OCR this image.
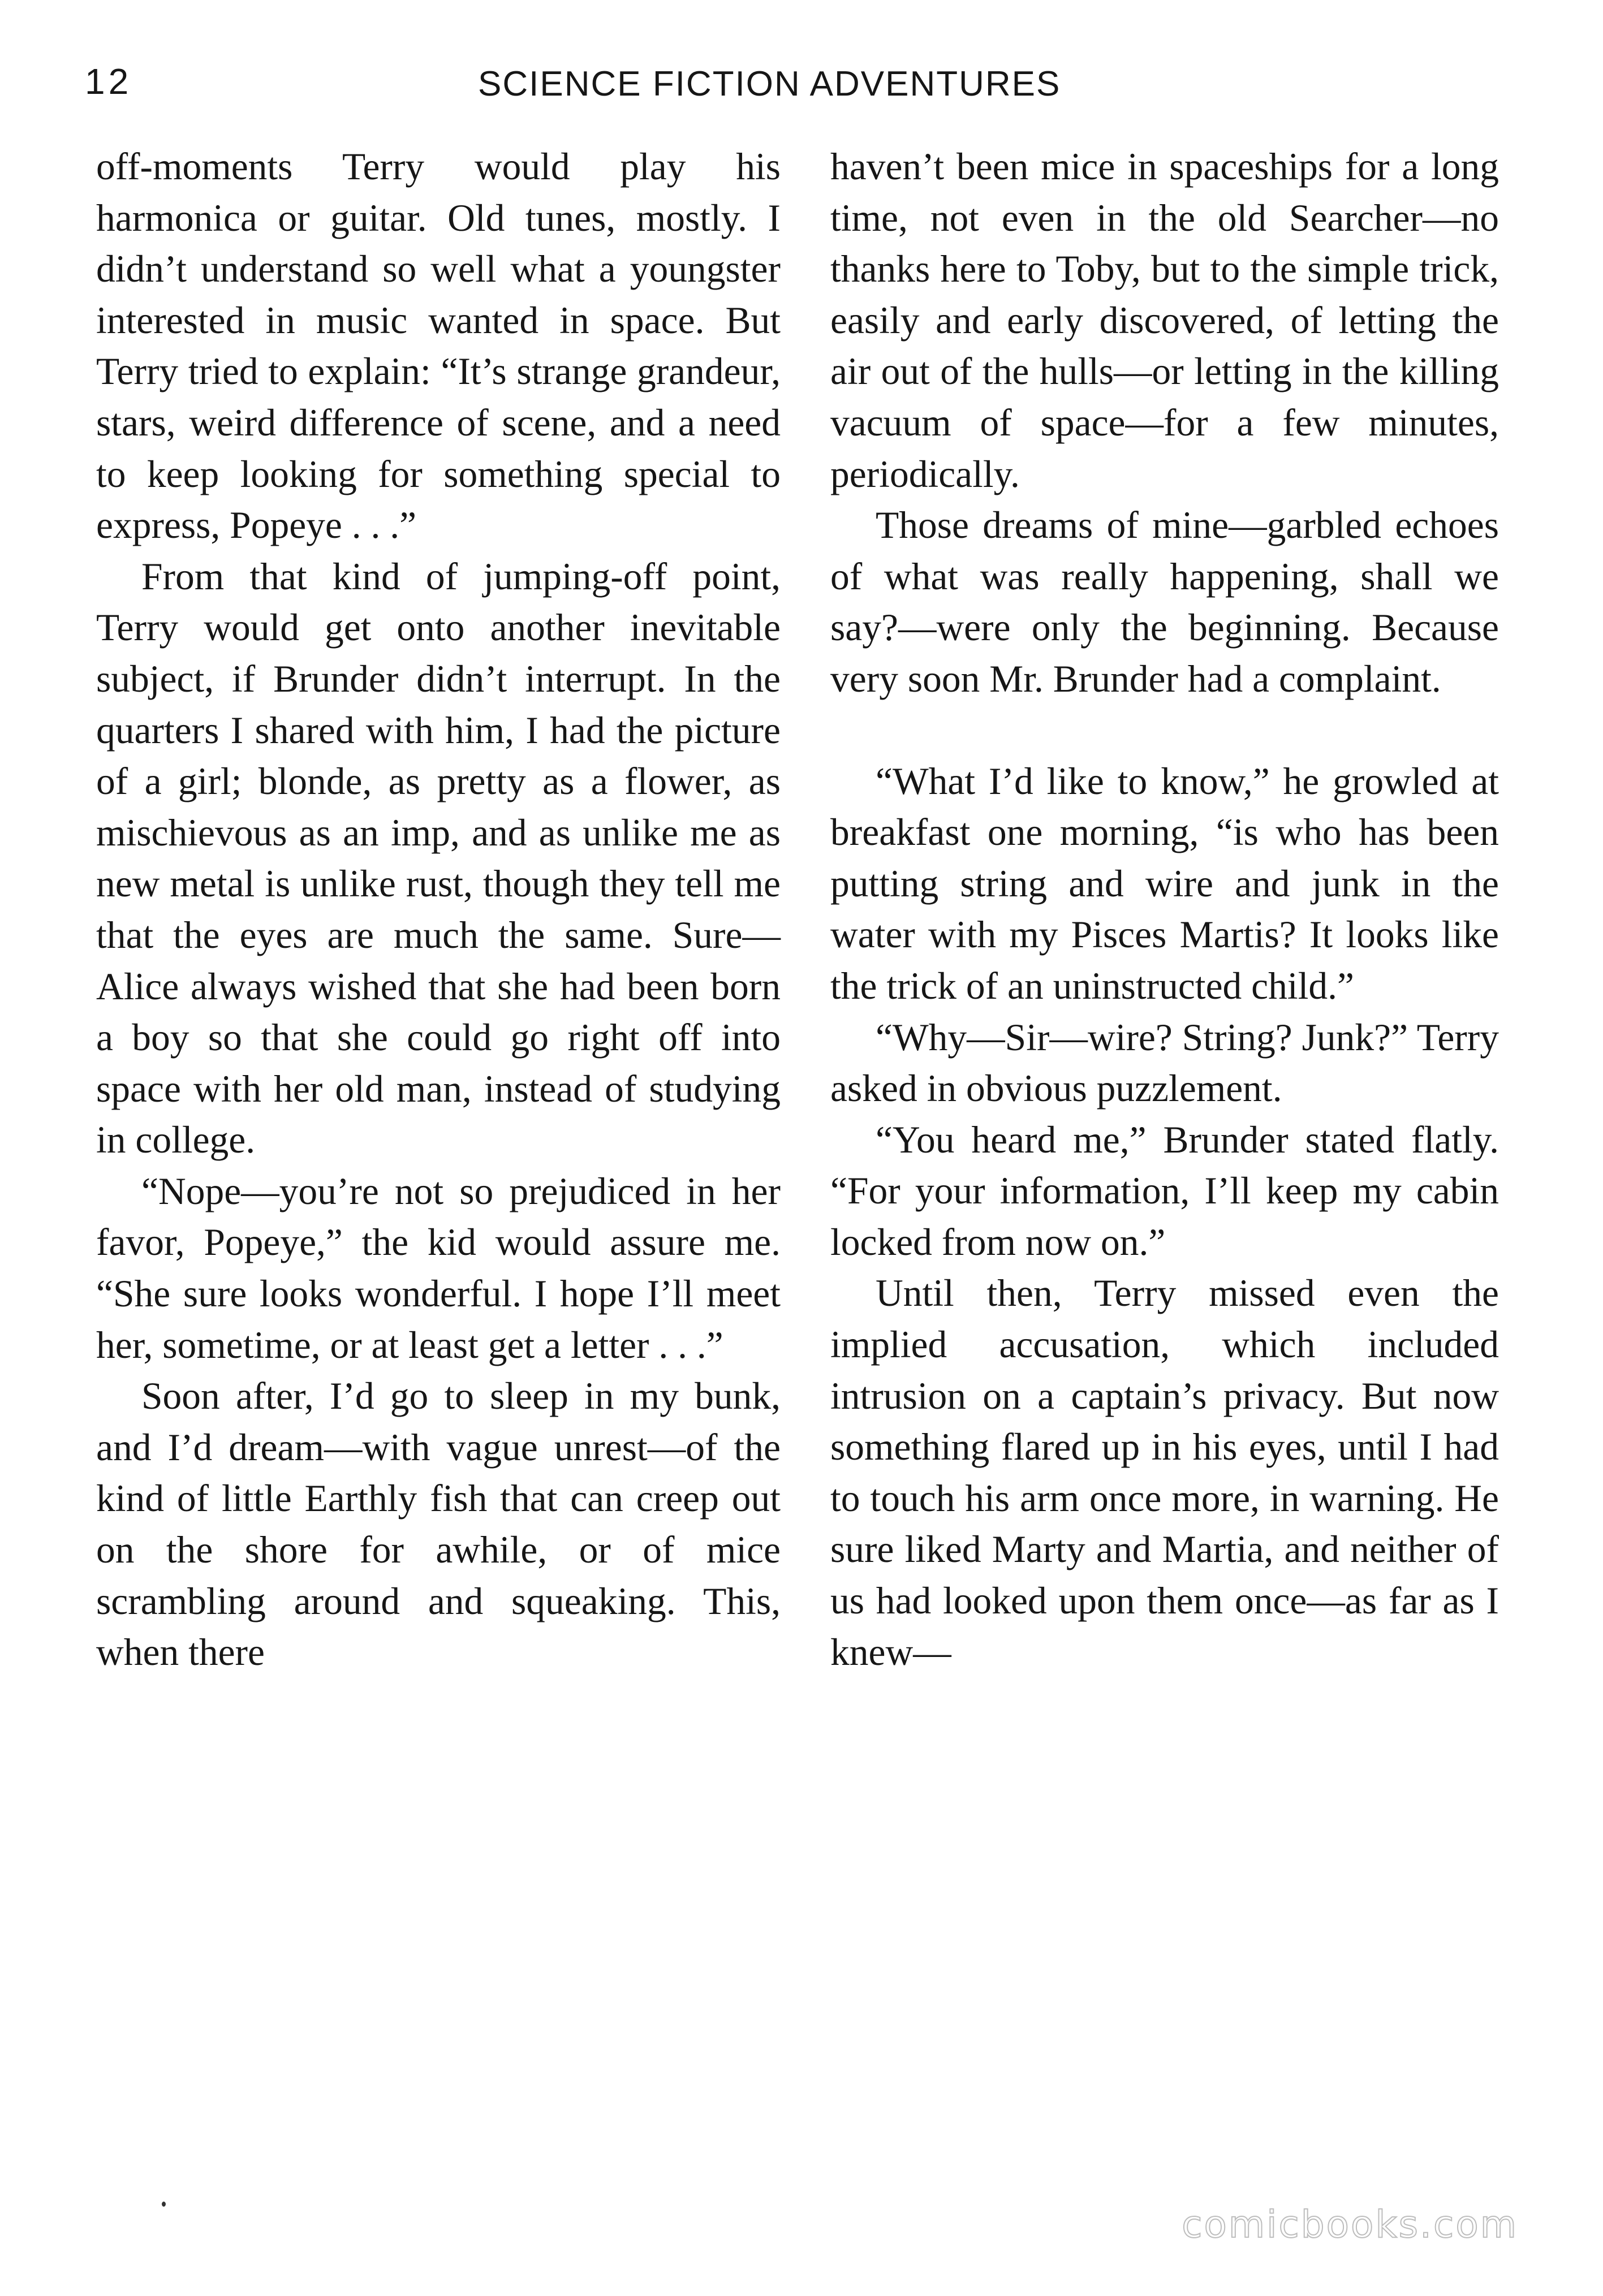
12	SCIENCE FICTION ADVENTURES

off-moments Terry would play his harmonica or guitar. Old tunes, mostly. I didn’t understand so well what a youngster interested in music wanted in space. But Terry tried to explain: “It’s strange grandeur, stars, weird difference of scene, and a need to keep looking for something special to express, Popeye . . .”

From that kind of jumping-off point, Terry would get onto another inevitable subject, if Brunder didn’t interrupt. In the quarters I shared with him, I had the picture of a girl; blonde, as pretty as a flower, as mischievous as an imp, and as unlike me as new metal is unlike rust, though they tell me that the eyes are much the same. Sure—Alice always wished that she had been born a boy so that she could go right off into space with her old man, instead of studying in college.

“Nope—you’re not so prejudiced in her favor, Popeye,” the kid would assure me. “She sure looks wonderful. I hope I’ll meet her, sometime, or at least get a letter . . .”

Soon after, I’d go to sleep in my bunk, and I’d dream—with vague unrest—of the kind of little Earthly fish that can creep out on the shore for awhile, or of mice scrambling around and squeaking. This, when there

haven’t been mice in spaceships for a long time, not even in the old Searcher—no thanks here to Toby, but to the simple trick, easily and early discovered, of letting the air out of the hulls—or letting in the killing vacuum of space—for a few minutes, periodically.

Those dreams of mine—garbled echoes of what was really happening, shall we say?—were only the beginning. Because very soon Mr. Brunder had a complaint.

“What I’d like to know,” he growled at breakfast one morning, “is who has been putting string and wire and junk in the water with my Pisces Martis? It looks like the trick of an uninstructed child.”

“Why—Sir—wire? String? Junk?” Terry asked in obvious puzzlement.

“You heard me,” Brunder stated flatly. “For your information, I’ll keep my cabin locked from now on.”

Until then, Terry missed even the implied accusation, which included intrusion on a captain’s privacy. But now something flared up in his eyes, until I had to touch his arm once more, in warning. He sure liked Marty and Martia, and neither of us had looked upon them once—as far as I knew—

comicbooks.com
